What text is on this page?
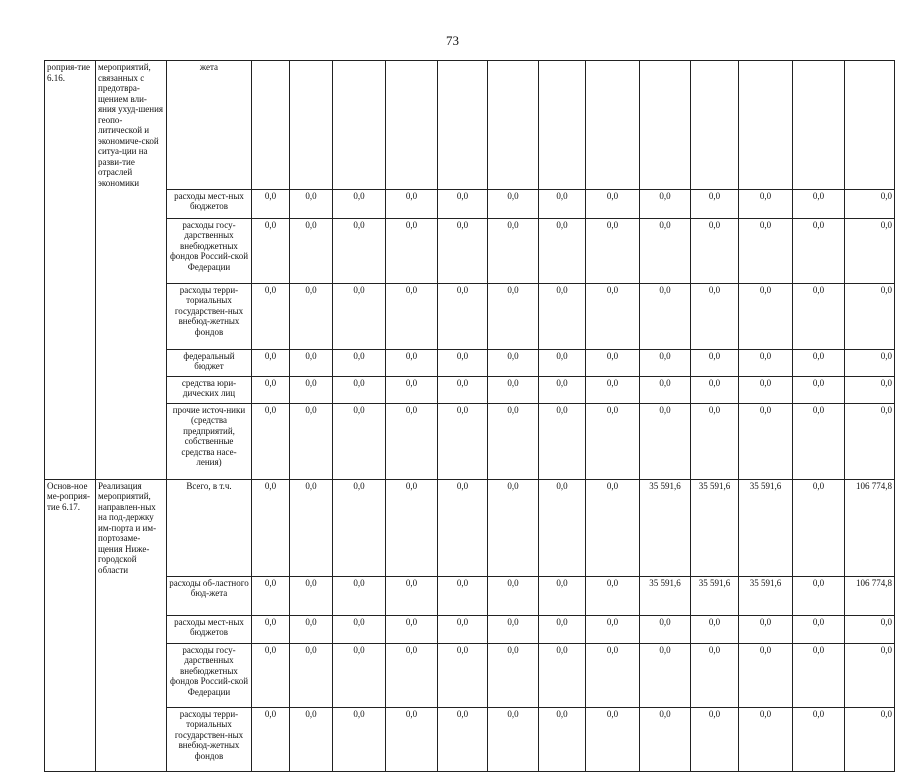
73
роприя-тие 6.16.	мероприятий, связанных с предотвра-щением вли-яния ухуд-шения геопо-литической и экономиче-ской ситуа-ции на разви-тие отраслей экономики	жета													
		расходы мест-ных бюджетов	0,0	0,0	0,0	0,0	0,0	0,0	0,0	0,0	0,0	0,0	0,0	0,0	0,0
		расходы госу-дарственных внебюджетных фондов Россий-ской Федерации	0,0	0,0	0,0	0,0	0,0	0,0	0,0	0,0	0,0	0,0	0,0	0,0	0,0
		расходы терри-ториальных государствен-ных внебюд-жетных фондов	0,0	0,0	0,0	0,0	0,0	0,0	0,0	0,0	0,0	0,0	0,0	0,0	0,0
		федеральный бюджет	0,0	0,0	0,0	0,0	0,0	0,0	0,0	0,0	0,0	0,0	0,0	0,0	0,0
		средства юри-дических лиц	0,0	0,0	0,0	0,0	0,0	0,0	0,0	0,0	0,0	0,0	0,0	0,0	0,0
		прочие источ-ники (средства предприятий, собственные средства насе-ления)	0,0	0,0	0,0	0,0	0,0	0,0	0,0	0,0	0,0	0,0	0,0	0,0	0,0
Основ-ное ме-роприя-тие 6.17.	Реализация мероприятий, направлен-ных на под-держку им-порта и им-портозаме-щения Ниже-городской области	Всего, в т.ч.	0,0	0,0	0,0	0,0	0,0	0,0	0,0	0,0	35 591,6	35 591,6	35 591,6	0,0	106 774,8
		расходы об-ластного бюд-жета	0,0	0,0	0,0	0,0	0,0	0,0	0,0	0,0	35 591,6	35 591,6	35 591,6	0,0	106 774,8
		расходы мест-ных бюджетов	0,0	0,0	0,0	0,0	0,0	0,0	0,0	0,0	0,0	0,0	0,0	0,0	0,0
		расходы госу-дарственных внебюджетных фондов Россий-ской Федерации	0,0	0,0	0,0	0,0	0,0	0,0	0,0	0,0	0,0	0,0	0,0	0,0	0,0
		расходы терри-ториальных государствен-ных внебюд-жетных фондов	0,0	0,0	0,0	0,0	0,0	0,0	0,0	0,0	0,0	0,0	0,0	0,0	0,0
